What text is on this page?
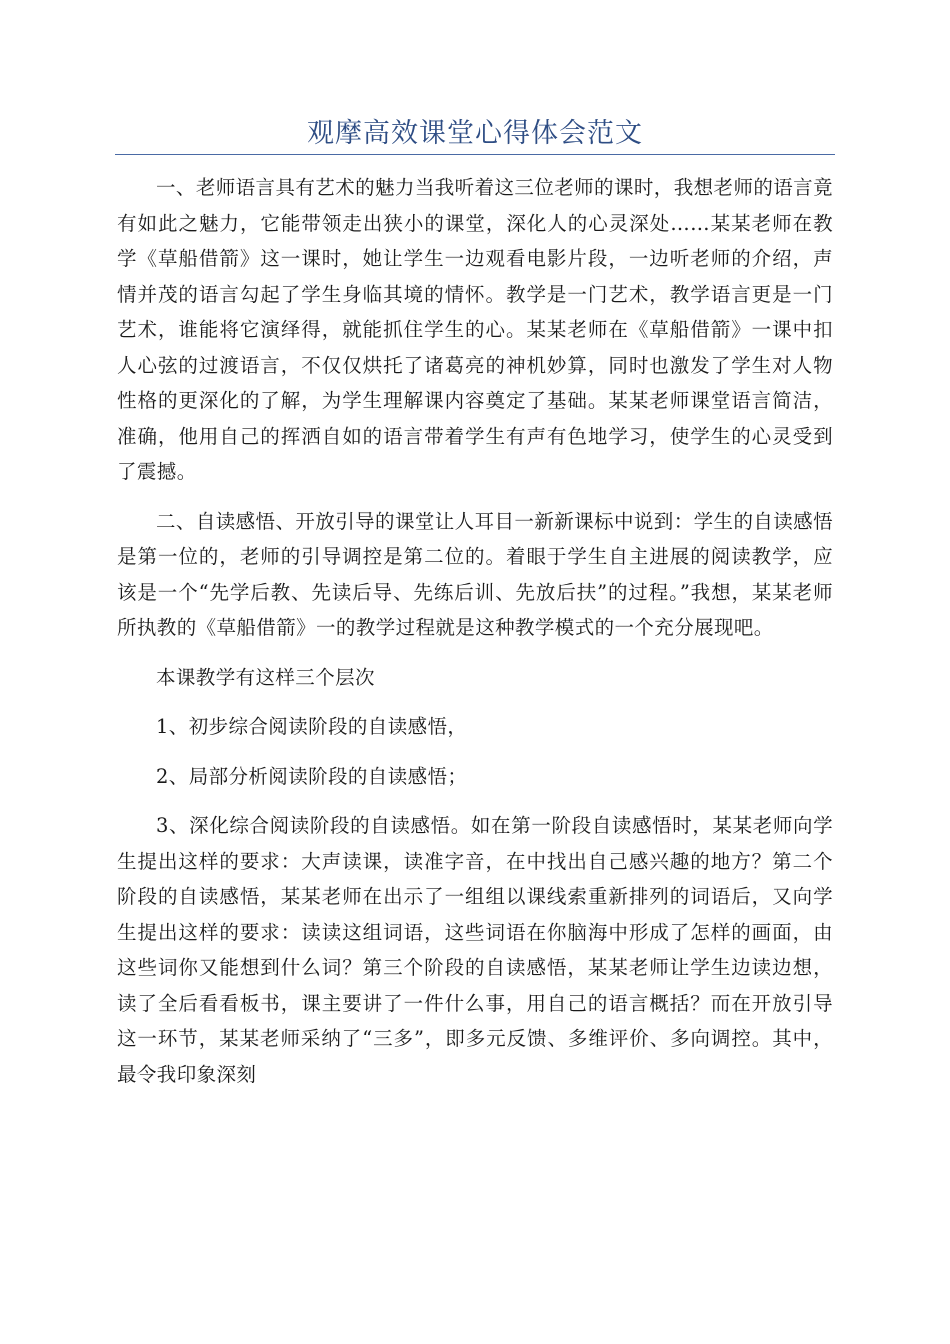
观摩高效课堂心得体会范文

一、老师语言具有艺术的魅力当我听着这三位老师的课时，我想老师的语言竟有如此之魅力，它能带领走出狭小的课堂，深化人的心灵深处……某某老师在教学《草船借箭》这一课时，她让学生一边观看电影片段，一边听老师的介绍，声情并茂的语言勾起了学生身临其境的情怀。教学是一门艺术，教学语言更是一门艺术，谁能将它演绎得，就能抓住学生的心。某某老师在《草船借箭》一课中扣人心弦的过渡语言，不仅仅烘托了诸葛亮的神机妙算，同时也激发了学生对人物性格的更深化的了解，为学生理解课内容奠定了基础。某某老师课堂语言简洁，准确，他用自己的挥洒自如的语言带着学生有声有色地学习，使学生的心灵受到了震撼。

二、自读感悟、开放引导的课堂让人耳目一新新课标中说到：学生的自读感悟是第一位的，老师的引导调控是第二位的。着眼于学生自主进展的阅读教学，应该是一个“先学后教、先读后导、先练后训、先放后扶”的过程。”我想，某某老师所执教的《草船借箭》一的教学过程就是这种教学模式的一个充分展现吧。

本课教学有这样三个层次

1、初步综合阅读阶段的自读感悟，

2、局部分析阅读阶段的自读感悟；

3、深化综合阅读阶段的自读感悟。如在第一阶段自读感悟时，某某老师向学生提出这样的要求：大声读课，读准字音，在中找出自己感兴趣的地方？第二个阶段的自读感悟，某某老师在出示了一组组以课线索重新排列的词语后，又向学生提出这样的要求：读读这组词语，这些词语在你脑海中形成了怎样的画面，由这些词你又能想到什么词？第三个阶段的自读感悟，某某老师让学生边读边想，读了全后看看板书，课主要讲了一件什么事，用自己的语言概括？而在开放引导这一环节，某某老师采纳了“三多”，即多元反馈、多维评价、多向调控。其中，最令我印象深刻
